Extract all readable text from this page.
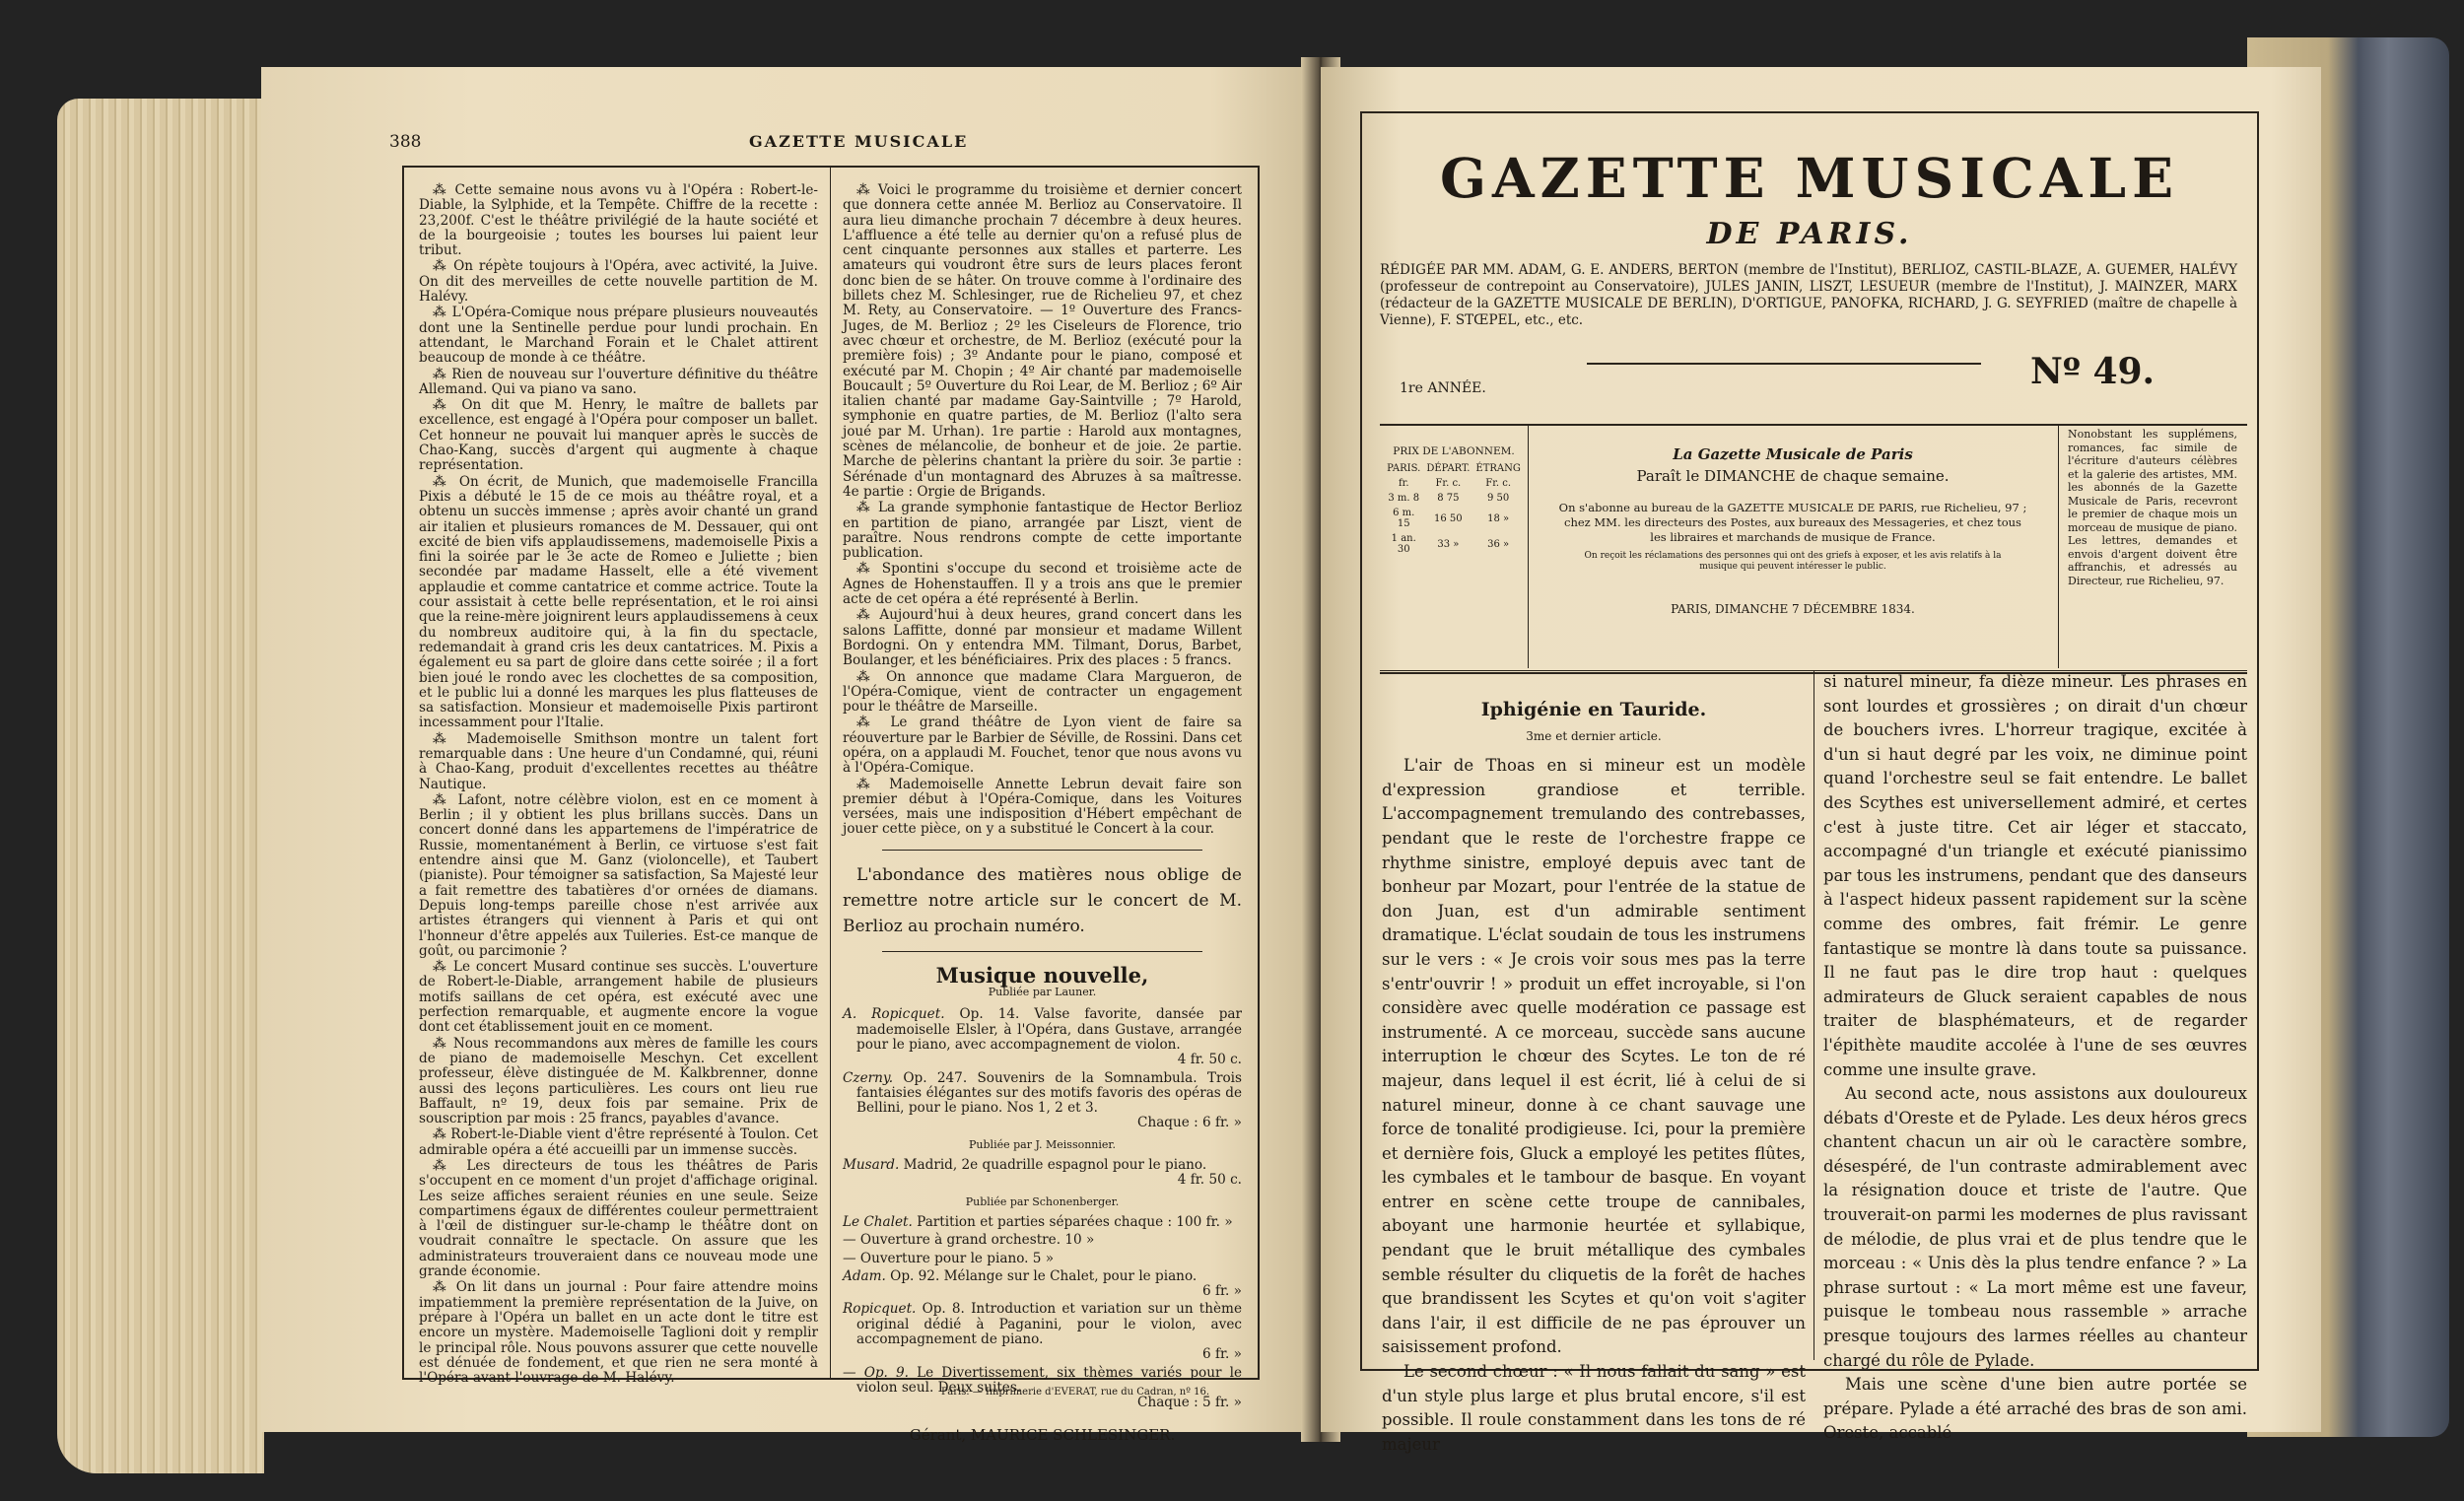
388	GAZETTE MUSICALE

⁂ Cette semaine nous avons vu à l'Opéra : Robert-le-Diable, la Sylphide, et la Tempête. Chiffre de la recette : 23,200f. C'est le théâtre privilégié de la haute société et de la bourgeoisie ; toutes les bourses lui paient leur tribut.

⁂ On répète toujours à l'Opéra, avec activité, la Juive. On dit des merveilles de cette nouvelle partition de M. Halévy.

⁂ L'Opéra-Comique nous prépare plusieurs nouveautés dont une la Sentinelle perdue pour lundi prochain. En attendant, le Marchand Forain et le Chalet attirent beaucoup de monde à ce théâtre.

⁂ Rien de nouveau sur l'ouverture définitive du théâtre Allemand. Qui va piano va sano.

⁂ On dit que M. Henry, le maître de ballets par excellence, est engagé à l'Opéra pour composer un ballet. Cet honneur ne pouvait lui manquer après le succès de Chao-Kang, succès d'argent qui augmente à chaque représentation.

⁂ On écrit, de Munich, que mademoiselle Francilla Pixis a débuté le 15 de ce mois au théâtre royal, et a obtenu un succès immense ; après avoir chanté un grand air italien et plusieurs romances de M. Dessauer, qui ont excité de bien vifs applaudissemens, mademoiselle Pixis a fini la soirée par le 3e acte de Romeo e Juliette ; bien secondée par madame Hasselt, elle a été vivement applaudie et comme cantatrice et comme actrice. Toute la cour assistait à cette belle représentation, et le roi ainsi que la reine-mère joignirent leurs applaudissemens à ceux du nombreux auditoire qui, à la fin du spectacle, redemandait à grand cris les deux cantatrices. M. Pixis a également eu sa part de gloire dans cette soirée ; il a fort bien joué le rondo avec les clochettes de sa composition, et le public lui a donné les marques les plus flatteuses de sa satisfaction. Monsieur et mademoiselle Pixis partiront incessamment pour l'Italie.

⁂ Mademoiselle Smithson montre un talent fort remarquable dans : Une heure d'un Condamné, qui, réuni à Chao-Kang, produit d'excellentes recettes au théâtre Nautique.

⁂ Lafont, notre célèbre violon, est en ce moment à Berlin ; il y obtient les plus brillans succès. Dans un concert donné dans les appartemens de l'impératrice de Russie, momentanément à Berlin, ce virtuose s'est fait entendre ainsi que M. Ganz (violoncelle), et Taubert (pianiste). Pour témoigner sa satisfaction, Sa Majesté leur a fait remettre des tabatières d'or ornées de diamans. Depuis long-temps pareille chose n'est arrivée aux artistes étrangers qui viennent à Paris et qui ont l'honneur d'être appelés aux Tuileries. Est-ce manque de goût, ou parcimonie ?

⁂ Le concert Musard continue ses succès. L'ouverture de Robert-le-Diable, arrangement habile de plusieurs motifs saillans de cet opéra, est exécuté avec une perfection remarquable, et augmente encore la vogue dont cet établissement jouit en ce moment.

⁂ Nous recommandons aux mères de famille les cours de piano de mademoiselle Meschyn. Cet excellent professeur, élève distinguée de M. Kalkbrenner, donne aussi des leçons particulières. Les cours ont lieu rue Baffault, nº 19, deux fois par semaine. Prix de souscription par mois : 25 francs, payables d'avance.

⁂ Robert-le-Diable vient d'être représenté à Toulon. Cet admirable opéra a été accueilli par un immense succès.

⁂ Les directeurs de tous les théâtres de Paris s'occupent en ce moment d'un projet d'affichage original. Les seize affiches seraient réunies en une seule. Seize compartimens égaux de différentes couleur permettraient à l'œil de distinguer sur-le-champ le théâtre dont on voudrait connaître le spectacle. On assure que les administrateurs trouveraient dans ce nouveau mode une grande économie.

⁂ On lit dans un journal : Pour faire attendre moins impatiemment la première représentation de la Juive, on prépare à l'Opéra un ballet en un acte dont le titre est encore un mystère. Mademoiselle Taglioni doit y remplir le principal rôle. Nous pouvons assurer que cette nouvelle est dénuée de fondement, et que rien ne sera monté à l'Opéra avant l'ouvrage de M. Halévy.

⁂ Voici le programme du troisième et dernier concert que donnera cette année M. Berlioz au Conservatoire. Il aura lieu dimanche prochain 7 décembre à deux heures. L'affluence a été telle au dernier qu'on a refusé plus de cent cinquante personnes aux stalles et parterre. Les amateurs qui voudront être surs de leurs places feront donc bien de se hâter. On trouve comme à l'ordinaire des billets chez M. Schlesinger, rue de Richelieu 97, et chez M. Rety, au Conservatoire. — 1º Ouverture des Francs-Juges, de M. Berlioz ; 2º les Ciseleurs de Florence, trio avec chœur et orchestre, de M. Berlioz (exécuté pour la première fois) ; 3º Andante pour le piano, composé et exécuté par M. Chopin ; 4º Air chanté par mademoiselle Boucault ; 5º Ouverture du Roi Lear, de M. Berlioz ; 6º Air italien chanté par madame Gay-Saintville ; 7º Harold, symphonie en quatre parties, de M. Berlioz (l'alto sera joué par M. Urhan). 1re partie : Harold aux montagnes, scènes de mélancolie, de bonheur et de joie. 2e partie. Marche de pèlerins chantant la prière du soir. 3e partie : Sérénade d'un montagnard des Abruzes à sa maîtresse. 4e partie : Orgie de Brigands.

⁂ La grande symphonie fantastique de Hector Berlioz en partition de piano, arrangée par Liszt, vient de paraître. Nous rendrons compte de cette importante publication.

⁂ Spontini s'occupe du second et troisième acte de Agnes de Hohenstauffen. Il y a trois ans que le premier acte de cet opéra a été représenté à Berlin.

⁂ Aujourd'hui à deux heures, grand concert dans les salons Laffitte, donné par monsieur et madame Willent Bordogni. On y entendra MM. Tilmant, Dorus, Barbet, Boulanger, et les bénéficiaires. Prix des places : 5 francs.

⁂ On annonce que madame Clara Margueron, de l'Opéra-Comique, vient de contracter un engagement pour le théâtre de Marseille.

⁂ Le grand théâtre de Lyon vient de faire sa réouverture par le Barbier de Séville, de Rossini. Dans cet opéra, on a applaudi M. Fouchet, tenor que nous avons vu à l'Opéra-Comique.

⁂ Mademoiselle Annette Lebrun devait faire son premier début à l'Opéra-Comique, dans les Voitures versées, mais une indisposition d'Hébert empêchant de jouer cette pièce, on y a substitué le Concert à la cour.

L'abondance des matières nous oblige de remettre notre article sur le concert de M. Berlioz au prochain numéro.

Musique nouvelle,
Publiée par Launer.

A. Ropicquet. Op. 14. Valse favorite, dansée par mademoiselle Elsler, à l'Opéra, dans Gustave, arrangée pour le piano, avec accompagnement de violon.
4 fr. 50 c.

Czerny. Op. 247. Souvenirs de la Somnambula. Trois fantaisies élégantes sur des motifs favoris des opéras de Bellini, pour le piano. Nos 1, 2 et 3.
Chaque : 6 fr. »

Publiée par J. Meissonnier.

Musard. Madrid, 2e quadrille espagnol pour le piano.
4 fr. 50 c.

Publiée par Schonenberger.

Le Chalet. Partition et parties séparées chaque : 100 fr. »

— Ouverture à grand orchestre. 10 »

— Ouverture pour le piano. 5 »

Adam. Op. 92. Mélange sur le Chalet, pour le piano.
6 fr. »

Ropicquet. Op. 8. Introduction et variation sur un thème original dédié à Paganini, pour le violon, avec accompagnement de piano.
6 fr. »

— Op. 9. Le Divertissement, six thèmes variés pour le violon seul. Deux suites.
Chaque : 5 fr. »

Gérant, MAURICE SCHLESINGER.
Paris. — Imprimerie d'EVERAT, rue du Cadran, nº 16.
GAZETTE MUSICALE
DE PARIS.
RÉDIGÉE PAR MM. ADAM, G. E. ANDERS, BERTON (membre de l'Institut), BERLIOZ, CASTIL-BLAZE, A. GUEMER, HALÉVY (professeur de contrepoint au Conservatoire), JULES JANIN, LISZT, LESUEUR (membre de l'Institut), J. MAINZER, MARX (rédacteur de la GAZETTE MUSICALE DE BERLIN), D'ORTIGUE, PANOFKA, RICHARD, J. G. SEYFRIED (maître de chapelle à Vienne), F. STŒPEL, etc., etc.
1re ANNÉE.	Nº 49.
PRIX DE L'ABONNEM.
PARIS.	DÉPART.	ÉTRANG
fr.	Fr. c.	Fr. c.
3 m. 8	8 75	9 50
6 m. 15	16 50	18 »
1 an. 30	33 »	36 »
La Gazette Musicale de Paris
Paraît le DIMANCHE de chaque semaine.
On s'abonne au bureau de la GAZETTE MUSICALE DE PARIS, rue Richelieu, 97 ; chez MM. les directeurs des Postes, aux bureaux des Messageries, et chez tous les libraires et marchands de musique de France.
On reçoit les réclamations des personnes qui ont des griefs à exposer, et les avis relatifs à la musique qui peuvent intéresser le public.
PARIS, DIMANCHE 7 DÉCEMBRE 1834.
Nonobstant les supplémens, romances, fac simile de l'écriture d'auteurs célèbres et la galerie des artistes, MM. les abonnés de la Gazette Musicale de Paris, recevront le premier de chaque mois un morceau de musique de piano. Les lettres, demandes et envois d'argent doivent être affranchis, et adressés au Directeur, rue Richelieu, 97.
Iphigénie en Tauride.
3me et dernier article.

L'air de Thoas en si mineur est un modèle d'expression grandiose et terrible. L'accompagnement tremulando des contrebasses, pendant que le reste de l'orchestre frappe ce rhythme sinistre, employé depuis avec tant de bonheur par Mozart, pour l'entrée de la statue de don Juan, est d'un admirable sentiment dramatique. L'éclat soudain de tous les instrumens sur le vers : « Je crois voir sous mes pas la terre s'entr'ouvrir ! » produit un effet incroyable, si l'on considère avec quelle modération ce passage est instrumenté. A ce morceau, succède sans aucune interruption le chœur des Scytes. Le ton de ré majeur, dans lequel il est écrit, lié à celui de si naturel mineur, donne à ce chant sauvage une force de tonalité prodigieuse. Ici, pour la première et dernière fois, Gluck a employé les petites flûtes, les cymbales et le tambour de basque. En voyant entrer en scène cette troupe de cannibales, aboyant une harmonie heurtée et syllabique, pendant que le bruit métallique des cymbales semble résulter du cliquetis de la forêt de haches que brandissent les Scytes et qu'on voit s'agiter dans l'air, il est difficile de ne pas éprouver un saisissement profond.

Le second chœur : « Il nous fallait du sang » est d'un style plus large et plus brutal encore, s'il est possible. Il roule constamment dans les tons de ré majeur

si naturel mineur, fa dièze mineur. Les phrases en sont lourdes et grossières ; on dirait d'un chœur de bouchers ivres. L'horreur tragique, excitée à d'un si haut degré par les voix, ne diminue point quand l'orchestre seul se fait entendre. Le ballet des Scythes est universellement admiré, et certes c'est à juste titre. Cet air léger et staccato, accompagné d'un triangle et exécuté pianissimo par tous les instrumens, pendant que des danseurs à l'aspect hideux passent rapidement sur la scène comme des ombres, fait frémir. Le genre fantastique se montre là dans toute sa puissance. Il ne faut pas le dire trop haut : quelques admirateurs de Gluck seraient capables de nous traiter de blasphémateurs, et de regarder l'épithète maudite accolée à l'une de ses œuvres comme une insulte grave.

Au second acte, nous assistons aux douloureux débats d'Oreste et de Pylade. Les deux héros grecs chantent chacun un air où le caractère sombre, désespéré, de l'un contraste admirablement avec la résignation douce et triste de l'autre. Que trouverait-on parmi les modernes de plus ravissant de mélodie, de plus vrai et de plus tendre que le morceau : « Unis dès la plus tendre enfance ? » La phrase surtout : « La mort même est une faveur, puisque le tombeau nous rassemble » arrache presque toujours des larmes réelles au chanteur chargé du rôle de Pylade.

Mais une scène d'une bien autre portée se prépare. Pylade a été arraché des bras de son ami. Oreste, accablé
